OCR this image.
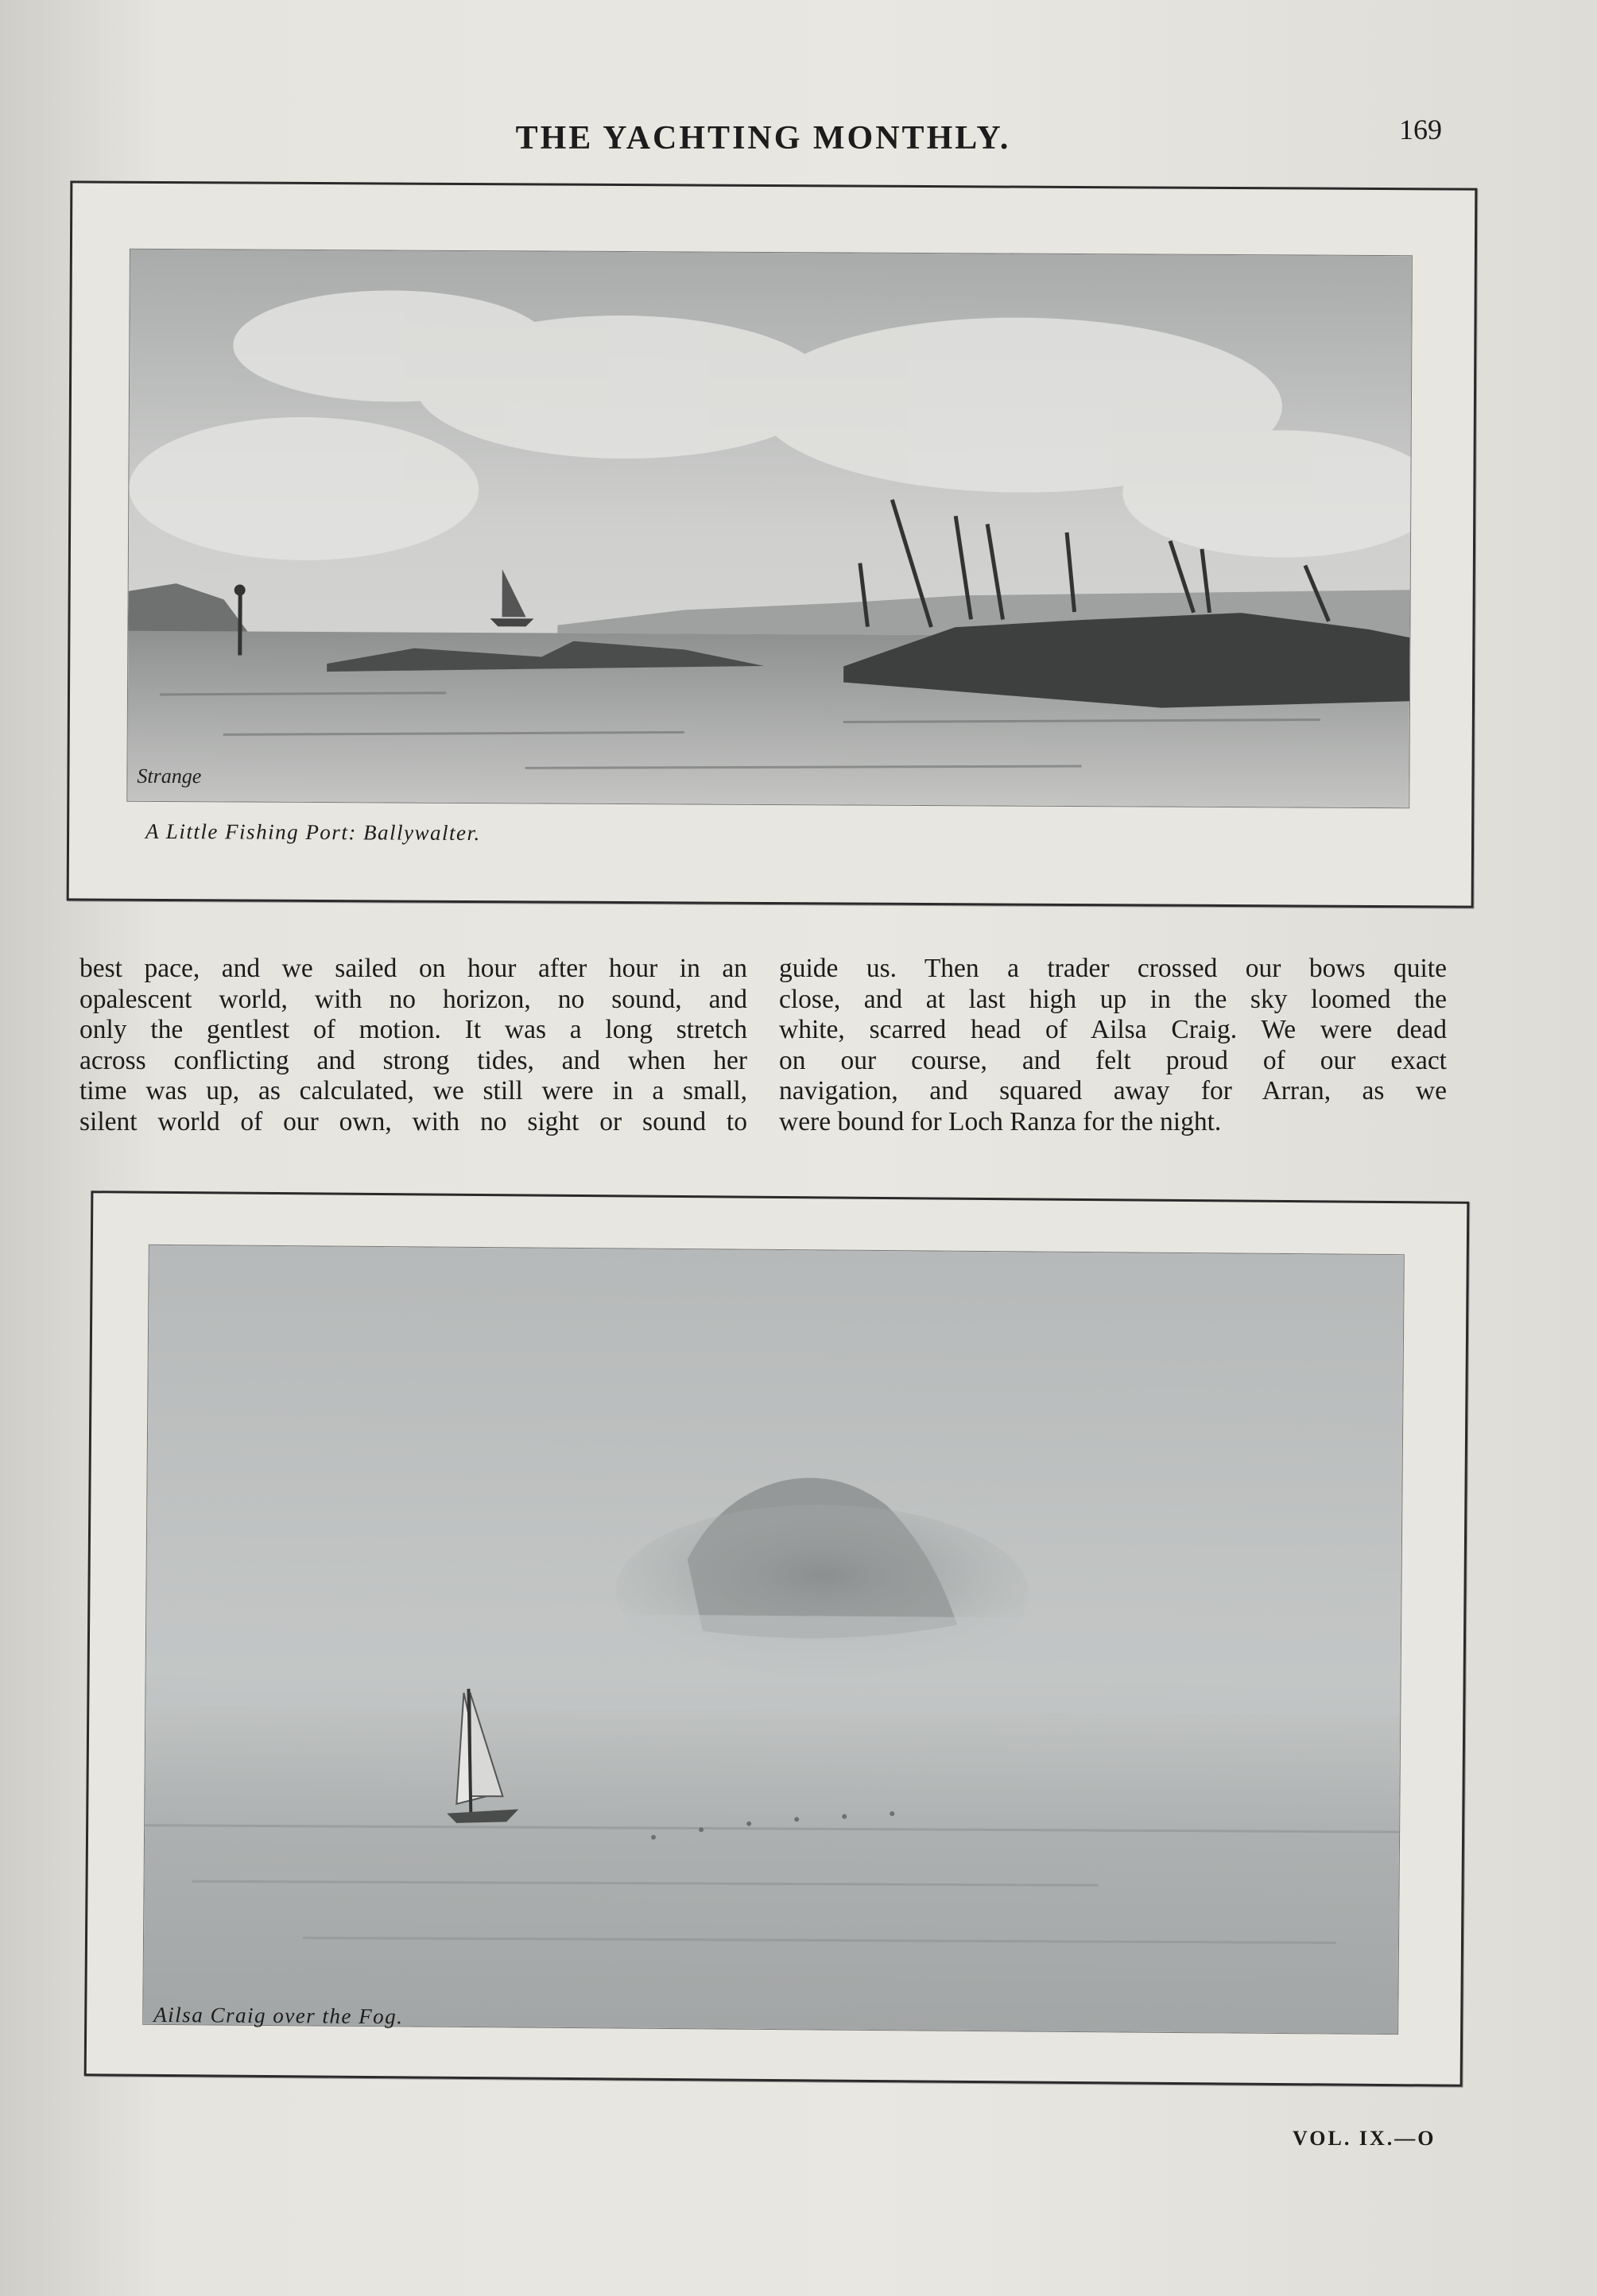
THE YACHTING MONTHLY.	169
Strange
A Little Fishing Port: Ballywalter.
best pace, and we sailed on hour after hour in an
opalescent world, with no horizon, no sound, and
only the gentlest of motion. It was a long stretch
across conflicting and strong tides, and when her
time was up, as calculated, we still were in a small,
silent world of our own, with no sight or sound to
guide us. Then a trader crossed our bows quite
close, and at last high up in the sky loomed the
white, scarred head of Ailsa Craig. We were dead
on our course, and felt proud of our exact
navigation, and squared away for Arran, as we
were bound for Loch Ranza for the night.
Ailsa Craig over the Fog.
VOL. IX.—O
